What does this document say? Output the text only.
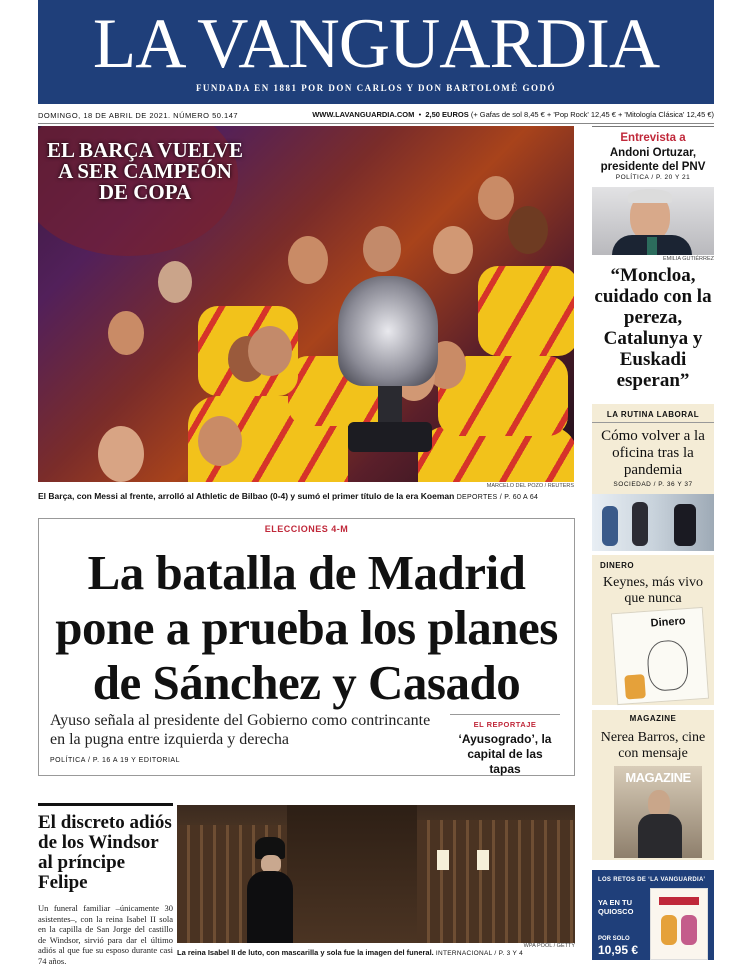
LA VANGUARDIA
FUNDADA EN 1881 POR DON CARLOS Y DON BARTOLOMÉ GODÓ
DOMINGO, 18 DE ABRIL DE 2021. NÚMERO 50.147	WWW.LAVANGUARDIA.COM  •  2,50 EUROS (+ Gafas de sol 8,45 € + 'Pop Rock' 12,45 € + 'Mitología Clásica' 12,45 €)
EL BARÇA VUELVE A SER CAMPEÓN DE COPA
MARCELO DEL POZO / REUTERS
El Barça, con Messi al frente, arrolló al Athletic de Bilbao (0-4) y sumó el primer título de la era Koeman DEPORTES / P. 60 A 64
ELECCIONES 4-M
La batalla de Madrid pone a prueba los planes de Sánchez y Casado
Ayuso señala al presidente del Gobierno como contrincante en la pugna entre izquierda y derecha
POLÍTICA / P. 16 A 19 Y EDITORIAL
EL REPORTAJE
‘Ayusogrado’, la capital de las tapas
El discreto adiós de los Windsor al príncipe Felipe
Un funeral familiar –únicamente 30 asistentes–, con la reina Isabel II sola en la capilla de San Jorge del castillo de Windsor, sirvió para dar el último adiós al que fue su esposo durante casi 74 años.
WPA POOL / GETTY
La reina Isabel II de luto, con mascarilla y sola fue la imagen del funeral. INTERNACIONAL / P. 3 Y 4
Entrevista a
Andoni Ortuzar, presidente del PNV
POLÍTICA / P. 20 Y 21
EMILIA GUTIÉRREZ
“Moncloa, cuidado con la pereza, Catalunya y Euskadi esperan”
LA RUTINA LABORAL
Cómo volver a la oficina tras la pandemia
SOCIEDAD / P. 36 Y 37
DINERO
Keynes, más vivo que nunca
Dinero
MAGAZINE
Nerea Barros, cine con mensaje
MAGAZINE
LOS RETOS DE ‘LA VANGUARDIA’
YA EN TU QUIOSCO
POR SOLO
10,95 €
